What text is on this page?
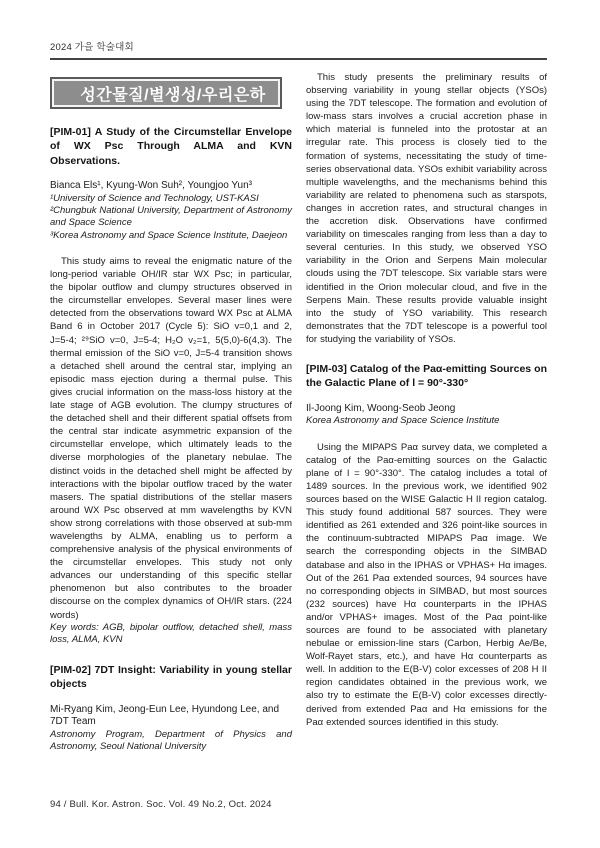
2024 가을 학술대회
성간물질/별생성/우리은하
[PIM-01] A Study of the Circumstellar Envelope of WX Psc Through ALMA and KVN Observations.
Bianca Els¹, Kyung-Won Suh², Youngjoo Yun³
¹University of Science and Technology, UST-KASI
²Chungbuk National University, Department of Astronomy and Space Science
³Korea Astronomy and Space Science Institute, Daejeon
This study aims to reveal the enigmatic nature of the long-period variable OH/IR star WX Psc; in particular, the bipolar outflow and clumpy structures observed in the circumstellar envelopes. Several maser lines were detected from the observations toward WX Psc at ALMA Band 6 in October 2017 (Cycle 5): SiO v=0,1 and 2, J=5-4; ²⁹SiO v=0, J=5-4; H₂O v₂=1, 5(5,0)-6(4,3). The thermal emission of the SiO v=0, J=5-4 transition shows a detached shell around the central star, implying an episodic mass ejection during a thermal pulse. This gives crucial information on the mass-loss history at the late stage of AGB evolution. The clumpy structures of the detached shell and their different spatial offsets from the central star indicate asymmetric expansion of the circumstellar envelope, which ultimately leads to the diverse morphologies of the planetary nebulae. The distinct voids in the detached shell might be affected by interactions with the bipolar outflow traced by the water masers. The spatial distributions of the stellar masers around WX Psc observed at mm wavelengths by KVN show strong correlations with those observed at sub-mm wavelengths by ALMA, enabling us to perform a comprehensive analysis of the physical environments of the circumstellar envelopes. This study not only advances our understanding of this specific stellar phenomenon but also contributes to the broader discourse on the complex dynamics of OH/IR stars. (224 words)
Key words: AGB, bipolar outflow, detached shell, mass loss, ALMA, KVN
[PIM-02] 7DT Insight: Variability in young stellar objects
Mi-Ryang Kim, Jeong-Eun Lee, Hyundong Lee, and 7DT Team
Astronomy Program, Department of Physics and Astronomy, Seoul National University
This study presents the preliminary results of observing variability in young stellar objects (YSOs) using the 7DT telescope. The formation and evolution of low-mass stars involves a crucial accretion phase in which material is funneled into the protostar at an irregular rate. This process is closely tied to the formation of systems, necessitating the study of time-series observational data. YSOs exhibit variability across multiple wavelengths, and the mechanisms behind this variability are related to phenomena such as starspots, changes in accretion rates, and structural changes in the accretion disk. Observations have confirmed variability on timescales ranging from less than a day to several centuries. In this study, we observed YSO variability in the Orion and Serpens Main molecular clouds using the 7DT telescope. Six variable stars were identified in the Orion molecular cloud, and five in the Serpens Main. These results provide valuable insight into the study of YSO variability. This research demonstrates that the 7DT telescope is a powerful tool for studying the variability of YSOs.
[PIM-03] Catalog of the Paα-emitting Sources on the Galactic Plane of l = 90°-330°
Il-Joong Kim, Woong-Seob Jeong
Korea Astronomy and Space Science Institute
Using the MIPAPS Paα survey data, we completed a catalog of the Paα-emitting sources on the Galactic plane of l = 90°-330°. The catalog includes a total of 1489 sources. In the previous work, we identified 902 sources based on the WISE Galactic H II region catalog. This study found additional 587 sources. They were identified as 261 extended and 326 point-like sources in the continuum-subtracted MIPAPS Paα image. We search the corresponding objects in the SIMBAD database and also in the IPHAS or VPHAS+ Hα images. Out of the 261 Paα extended sources, 94 sources have no corresponding objects in SIMBAD, but most sources (232 sources) have Hα counterparts in the IPHAS and/or VPHAS+ images. Most of the Paα point-like sources are found to be associated with planetary nebulae or emission-line stars (Carbon, Herbig Ae/Be, Wolf-Rayet stars, etc.), and have Hα counterparts as well. In addition to the E(B-V) color excesses of 208 H II region candidates obtained in the previous work, we also try to estimate the E(B-V) color excesses directly-derived from extended Paα and Hα emissions for the Paα extended sources identified in this study.
94 / Bull. Kor. Astron. Soc. Vol. 49 No.2, Oct. 2024
